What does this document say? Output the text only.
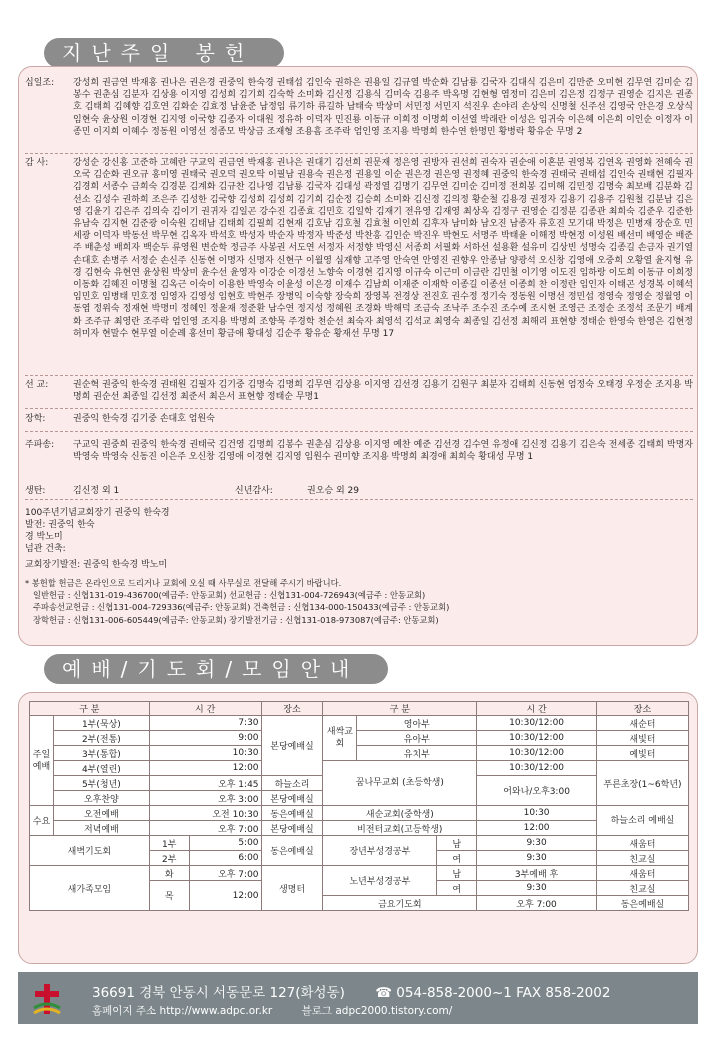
지난주일 봉헌
십일조:	강성희 권금연 박재홍 권나은 권은경 권중익 한숙경 권태섭 김인숙 권하은 권용일 김규열 박순화 김남룡 김국자 김대식 김은미 김만준 오미현 김무연 김미순 김봉수 권춘심 김분자 김상용 이지영 김성희 김기희 김숙학 소미화 김신정 김용식 김미숙 김용주 박옥명 김현형 염정미 김은미 김은정 김정구 권영순 김지은 권종호 김태희 김혜향 김호연 김화순 김효정 남윤준 남정임 류기하 류길하 남태숙 박상미 서민정 서민지 석진우 손야리 손상익 신명철 신주선 김영국 안은경 오상식 임현숙 윤상원 이경현 김지영 이국향 김종자 이대원 정유하 이덕자 민진룡 이동규 이희정 이명희 이선열 박래란 이성은 임귀숙 이은혜 이은희 이인순 이정자 이종민 이지희 이혜수 정동원 이영선 정종모 박상금 조재형 조용흠 조주락 엄인영 조지용 박명희 한수연 한명민 황병락 황유순 무명 2
감 사:	강성순 강신홍 고준하 고혜란 구교익 권금연 박재홍 권나은 권대기 김선희 권문재 정은영 권방자 권선희 권숙자 권순애 이혼분 권영복 김연옥 권영화 전혜숙 권오국 김순화 권오규 홍미영 권태국 권오덕 권오탁 이필남 권용숙 권은정 권용일 이순 권은경 권은영 권정혜 권중익 한숙경 권태국 권태섭 김인숙 권태현 김필자 김경희 서종수 금희숙 김경분 김계화 김규찬 김나영 김남룡 김국자 김대성 곽정열 김명기 김무연 김미순 김미정 전희봉 김미해 김민정 김명숙 최보배 김분화 김선소 김성수 권하희 조은주 김성한 김국향 김성희 김성희 김기희 김순정 김승희 소미화 김신정 김의정 황순철 김용경 권정자 김용기 김용주 김원철 김분남 김은영 김윤기 김은주 김의숙 김이기 권귀자 김일곤 강수진 김종효 김민호 김일학 김재기 전유영 김재영 최상옥 김정구 권영순 김정분 김종관 최희숙 김준우 김준한 유남숙 김지현 김준광 이숙원 김태남 김태희 김필희 김현재 김호남 김호철 김효철 이인희 김후자 남미화 남오진 남종자 류호진 모기대 박정은 민병재 장순호 민세광 이덕자 박동선 박무현 김옥자 박석호 박성자 박순자 박정자 박준성 박찬흥 김인순 박진우 박현도 서명주 박태윤 이해정 박현정 이성원 배선미 배영순 배준주 배춘성 배희자 백순두 류영원 변순학 정금주 사봉권 서도연 서정자 서정향 박영신 서종희 서필화 서하선 설용환 설유미 김상빈 성명숙 김종길 손금자 권기열 손대호 손병주 서정순 손신주 신동현 이명자 신명자 신현구 이월영 심재향 고주영 안숙연 안영진 권향우 안종남 양광석 오신창 김영애 오중희 오황열 윤지형 유경 김현숙 유현연 윤상원 박상미 윤수선 윤영자 이강순 이경선 노향숙 이경현 김지영 이규숙 이근미 이금란 김민철 이기영 이도진 임하랑 이도희 이동규 이희정 이동화 김혜진 이명철 김옥근 이숙이 이용한 박영숙 이윤성 이은경 이재수 김남희 이재준 이재학 이종길 이종선 이종희 찬 이정란 임인자 이태곤 성경복 이혜석 임민호 임병태 민호정 임영자 김영성 임현호 박현주 장병익 이숙향 장숙희 장영복 전경상 전진호 권수정 정기숙 정동원 이명선 정민섭 정영숙 정영순 정월영 이동엽 정위숙 정재현 박명미 정혜인 정윤재 정준환 남수연 정지성 정혜원 조경화 박해덕 조금숙 조낙주 조수진 조수예 조시현 조영근 조정순 조정석 조문기 배계화 조주규 최영란 조주락 엄인영 조지용 박명희 조향묵 주경학 천순선 최숙자 최영석 김석교 최영숙 최종일 김선정 최해리 표현향 정태순 한영숙 한영은 김현정 허미자 현말수 현무열 이순례 홍선미 황금애 황대성 김순주 황유순 황재선 무명 17
선 교:	권순혁 권중익 한숙경 권태원 김필자 김기중 김명숙 김명희 김무연 김상용 이지영 김선경 김용기 김원구 최분자 김태희 신동현 엄정숙 오태경 우정순 조지용 박명희 권순선 최종일 김선정 최준서 최은서 표현향 정태순 무명1
장학:	권중익 한숙경 김기중 손대호 엄원숙
주파송:	구교익 권중희 권중익 한숙경 권태국 김건영 김명희 김봉수 권춘심 김상용 이지영 예찬 예준 김선경 김수연 유정애 김신정 김용기 김은숙 전세종 김태희 박명자 박영숙 박영숙 신동진 이은주 오신창 김영애 이경현 김지영 임원수 권미향 조지용 박명희 최경애 최희숙 황대성 무명 1
생탄:	김신정 외 1	신년감사:	권오승 외 29
100주년기념교회장기 권중익 한숙경
발전: 권중익 한숙
경 박노미
넘관 건축:
교회장기발전: 권중익 한숙경 박노미
* 봉헌할 헌금은 온라인으로 드리거나 교회에 오실 때 사무실로 전달해 주시기 바랍니다.
일반헌금 : 신협131-019-436700(예금주: 안동교회) 선교헌금 : 신협131-004-726943(예금주 : 안동교회)
주파송선교헌금 : 신협131-004-729336(예금주: 안동교회) 건축헌금 : 신협134-000-150433(예금주 : 안동교회)
장학헌금 : 신협131-006-605449(예금주: 안동교회) 장기발전기금 : 신협131-018-973087(예금주: 안동교회)
예배/기도회/모임안내
구 분		시 간		장소	구 분			시 간	장소
주일예배	1부(묵상)	7:30		본당예배실	새싹교회	영아부		10:30/12:00	새순터
	2부(전통)	9:00				유아부		10:30/12:00	새빛터
	3부(통합)	10:30				유치부		10:30/12:00	예빛터
	4부(열린)	12:00			꿈나무교회 (초등학생)			10:30/12:00	푸른초장(1~6학년)
	5부(청년)	오후 1:45		하늘소리				어와나/오후3:00	
	오후찬양	오후 3:00		본당예배실					
수요	오전예배	오전 10:30		동은예배실	새순교회(중학생)			10:30	하늘소리 예배실
	저녁예배	오후 7:00		본당예배실	비전터교회(고등학생)			12:00	
새벽기도회		1부	5:00	동은예배실	장년부성경공부		남	9:30	새움터
		2부	6:00				여	9:30	친교실
새가족모임		화	오후 7:00	생명터	노년부성경공부		남	3부예배 후	새움터
		목	12:00				여	9:30	친교실
					금요기도회			오후 7:00	동은예배실
36691 경북 안동시 서동문로 127(화성동) ☎ 054-858-2000~1 FAX 858-2002
홈페이지 주소 http://www.adpc.or.kr	블로그 adpc2000.tistory.com/
